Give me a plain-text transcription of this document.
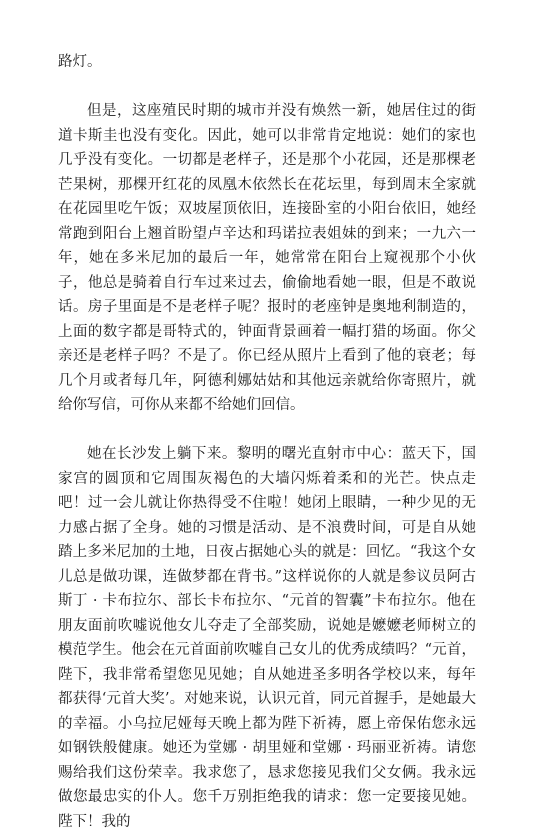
路灯。

但是，这座殖民时期的城市并没有焕然一新，她居住过的街道卡斯圭也没有变化。因此，她可以非常肯定地说：她们的家也几乎没有变化。一切都是老样子，还是那个小花园，还是那棵老芒果树，那棵开红花的凤凰木依然长在花坛里，每到周末全家就在花园里吃午饭；双坡屋顶依旧，连接卧室的小阳台依旧，她经常跑到阳台上翘首盼望卢辛达和玛诺拉表姐妹的到来；一九六一年，她在多米尼加的最后一年，她常常在阳台上窥视那个小伙子，他总是骑着自行车过来过去，偷偷地看她一眼，但是不敢说话。房子里面是不是老样子呢？报时的老座钟是奥地利制造的，上面的数字都是哥特式的，钟面背景画着一幅打猎的场面。你父亲还是老样子吗？不是了。你已经从照片上看到了他的衰老；每几个月或者每几年，阿德利娜姑姑和其他远亲就给你寄照片，就给你写信，可你从来都不给她们回信。

她在长沙发上躺下来。黎明的曙光直射市中心：蓝天下，国家宫的圆顶和它周围灰褐色的大墙闪烁着柔和的光芒。快点走吧！过一会儿就让你热得受不住啦！她闭上眼睛，一种少见的无力感占据了全身。她的习惯是活动、是不浪费时间，可是自从她踏上多米尼加的土地，日夜占据她心头的就是：回忆。“我这个女儿总是做功课，连做梦都在背书。”这样说你的人就是参议员阿古斯丁 · 卡布拉尔、部长卡布拉尔、“元首的智囊”卡布拉尔。他在朋友面前吹嘘说他女儿夺走了全部奖励，说她是嬷嬷老师树立的模范学生。他会在元首面前吹嘘自己女儿的优秀成绩吗？“元首，陛下，我非常希望您见见她；自从她进圣多明各学校以来，每年都获得‘元首大奖’。对她来说，认识元首，同元首握手，是她最大的幸福。小乌拉尼娅每天晚上都为陛下祈祷，愿上帝保佑您永远如钢铁般健康。她还为堂娜 · 胡里娅和堂娜 · 玛丽亚祈祷。请您赐给我们这份荣幸。我求您了，恳求您接见我们父女俩。我永远做您最忠实的仆人。您千万别拒绝我的请求：您一定要接见她。陛下！我的
